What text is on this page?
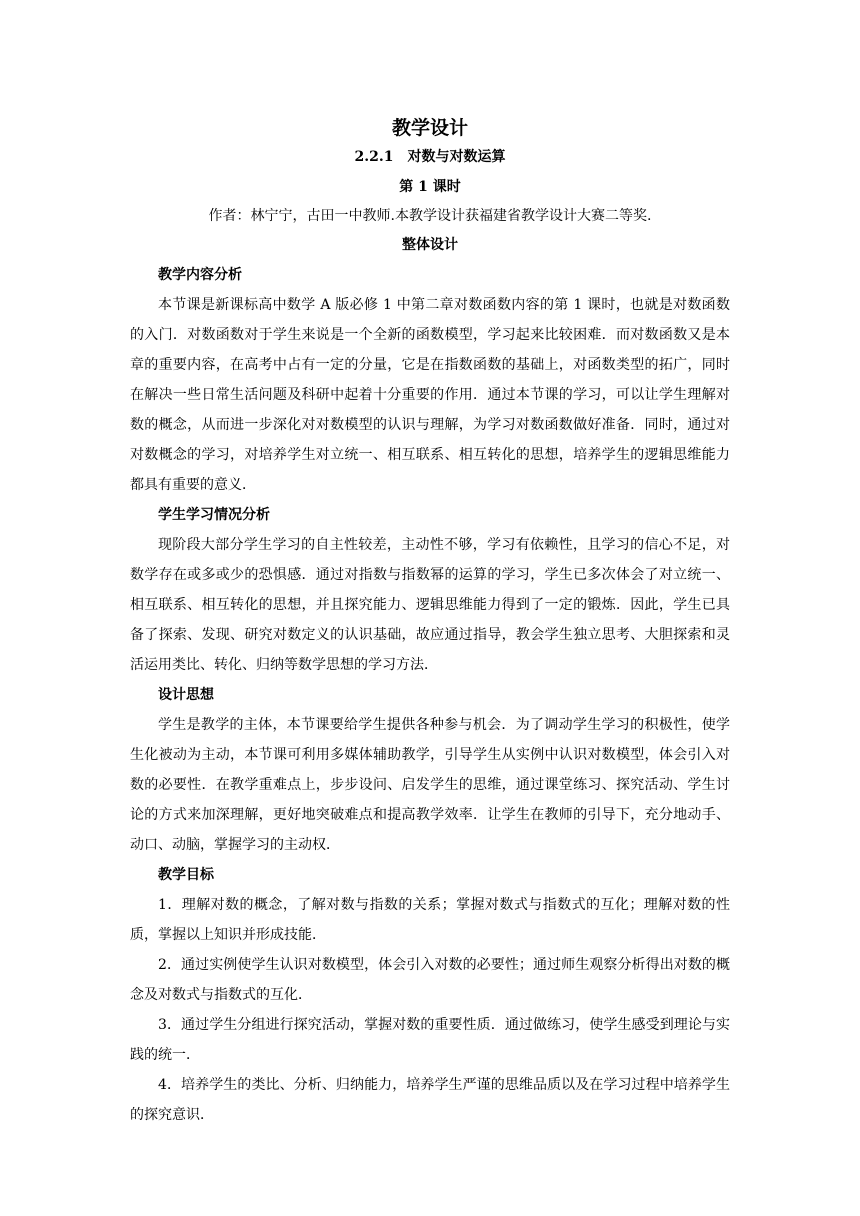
教学设计

2.2.1　对数与对数运算

第 1 课时

作者：林宁宁，古田一中教师.本教学设计获福建省教学设计大赛二等奖.

整体设计

教学内容分析

本节课是新课标高中数学 A 版必修 1 中第二章对数函数内容的第 1 课时，也就是对数函数的入门．对数函数对于学生来说是一个全新的函数模型，学习起来比较困难．而对数函数又是本章的重要内容，在高考中占有一定的分量，它是在指数函数的基础上，对函数类型的拓广，同时在解决一些日常生活问题及科研中起着十分重要的作用．通过本节课的学习，可以让学生理解对数的概念，从而进一步深化对对数模型的认识与理解，为学习对数函数做好准备．同时，通过对对数概念的学习，对培养学生对立统一、相互联系、相互转化的思想，培养学生的逻辑思维能力都具有重要的意义．

学生学习情况分析

现阶段大部分学生学习的自主性较差，主动性不够，学习有依赖性，且学习的信心不足，对数学存在或多或少的恐惧感．通过对指数与指数幂的运算的学习，学生已多次体会了对立统一、相互联系、相互转化的思想，并且探究能力、逻辑思维能力得到了一定的锻炼．因此，学生已具备了探索、发现、研究对数定义的认识基础，故应通过指导，教会学生独立思考、大胆探索和灵活运用类比、转化、归纳等数学思想的学习方法．

设计思想

学生是教学的主体，本节课要给学生提供各种参与机会．为了调动学生学习的积极性，使学生化被动为主动，本节课可利用多媒体辅助教学，引导学生从实例中认识对数模型，体会引入对数的必要性．在教学重难点上，步步设问、启发学生的思维，通过课堂练习、探究活动、学生讨论的方式来加深理解，更好地突破难点和提高教学效率．让学生在教师的引导下，充分地动手、动口、动脑，掌握学习的主动权．

教学目标

1．理解对数的概念，了解对数与指数的关系；掌握对数式与指数式的互化；理解对数的性质，掌握以上知识并形成技能．
2．通过实例使学生认识对数模型，体会引入对数的必要性；通过师生观察分析得出对数的概念及对数式与指数式的互化．
3．通过学生分组进行探究活动，掌握对数的重要性质．通过做练习，使学生感受到理论与实践的统一．
4．培养学生的类比、分析、归纳能力，培养学生严谨的思维品质以及在学习过程中培养学生的探究意识．
